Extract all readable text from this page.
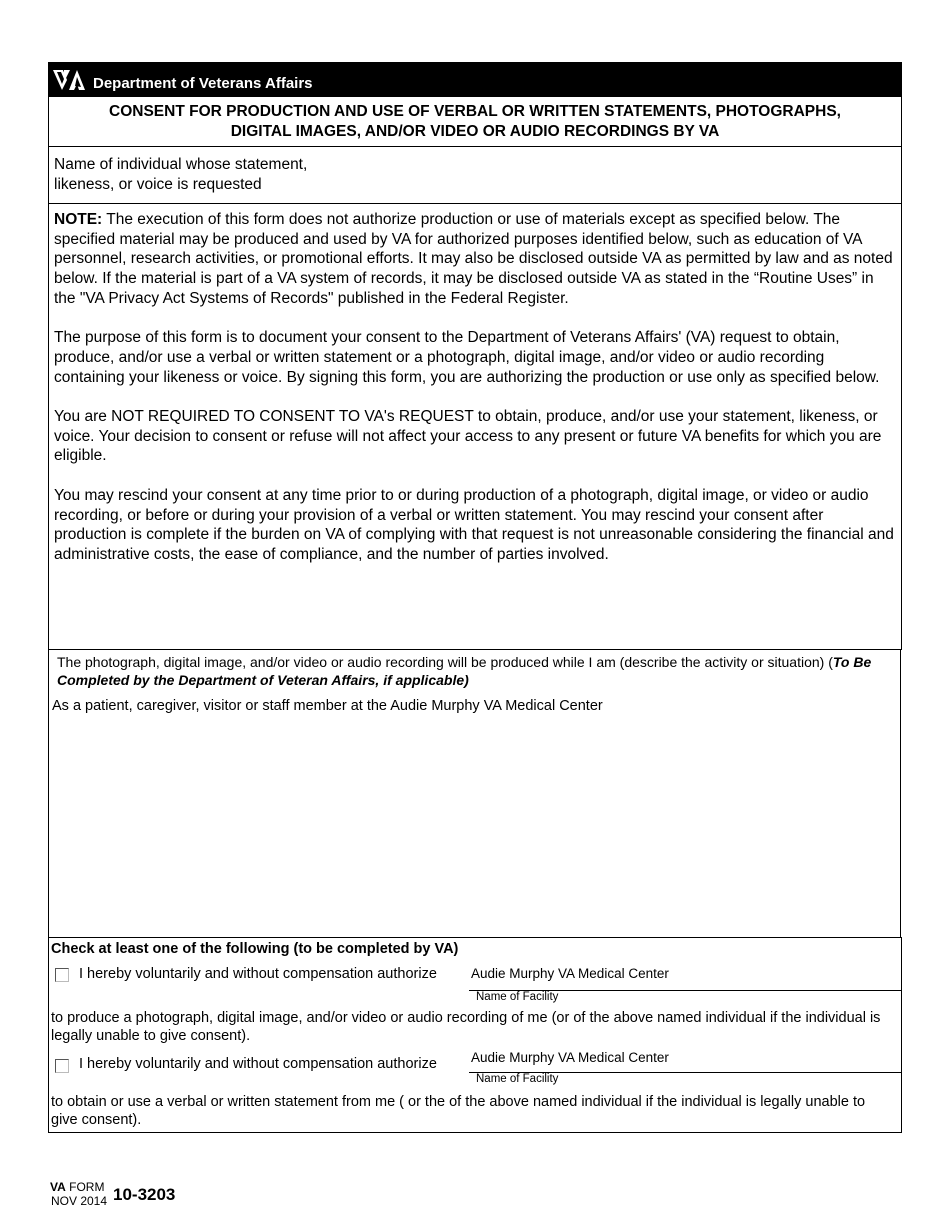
Department of Veterans Affairs
CONSENT FOR PRODUCTION AND USE OF VERBAL OR WRITTEN STATEMENTS, PHOTOGRAPHS,
DIGITAL IMAGES, AND/OR VIDEO OR AUDIO RECORDINGS BY VA
Name of individual whose statement,
likeness, or voice is requested

NOTE: The execution of this form does not authorize production or use of materials except as specified below. The specified material may be produced and used by VA for authorized purposes identified below, such as education of VA personnel, research activities, or promotional efforts. It may also be disclosed outside VA as permitted by law and as noted below. If the material is part of a VA system of records, it may be disclosed outside VA as stated in the “Routine Uses” in the "VA Privacy Act Systems of Records" published in the Federal Register.

The purpose of this form is to document your consent to the Department of Veterans Affairs' (VA) request to obtain, produce, and/or use a verbal or written statement or a photograph, digital image, and/or video or audio recording containing your likeness or voice. By signing this form, you are authorizing the production or use only as specified below.

You are NOT REQUIRED TO CONSENT TO VA's REQUEST to obtain, produce, and/or use your statement, likeness, or voice. Your decision to consent or refuse will not affect your access to any present or future VA benefits for which you are eligible.

You may rescind your consent at any time prior to or during production of a photograph, digital image, or video or audio recording, or before or during your provision of a verbal or written statement. You may rescind your consent after production is complete if the burden on VA of complying with that request is not unreasonable considering the financial and administrative costs, the ease of compliance, and the number of parties involved.

The photograph, digital image, and/or video or audio recording will be produced while I am (describe the activity or situation) (To Be Completed by the Department of Veteran Affairs, if applicable)
As a patient, caregiver, visitor or staff member at the Audie Murphy VA Medical Center
Check at least one of the following (to be completed by VA)
I hereby voluntarily and without compensation authorize	Audie Murphy VA Medical Center
Name of Facility
to produce a photograph, digital image, and/or video or audio recording of me (or of the above named individual if the individual is legally unable to give consent).
I hereby voluntarily and without compensation authorize	Audie Murphy VA Medical Center
Name of Facility
to obtain or use a verbal or written statement from me ( or the of the above named individual if the individual is legally unable to give consent).
VA FORM
NOV 2014 10-3203
